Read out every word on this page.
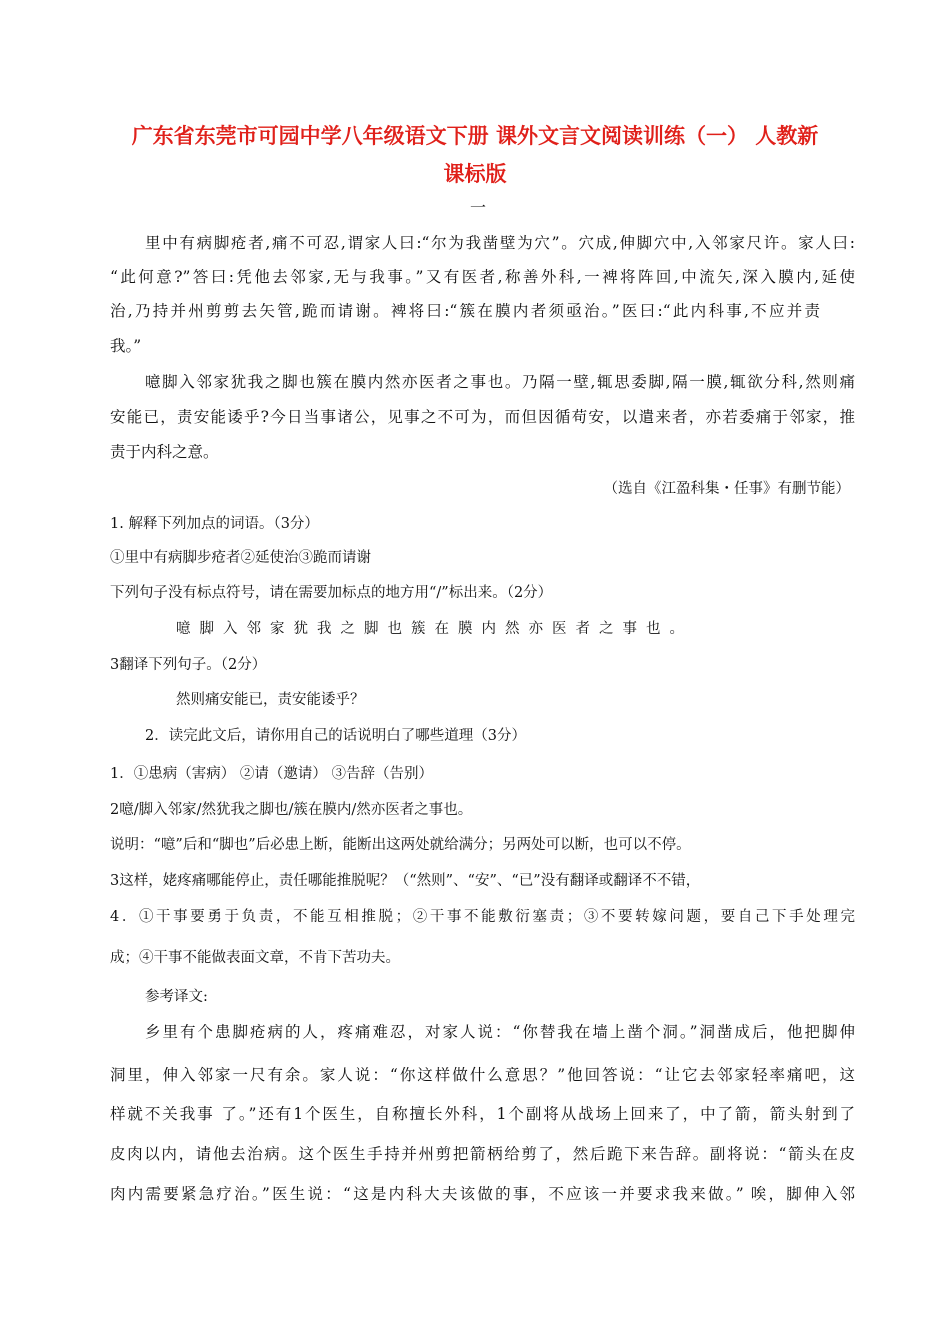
广东省东莞市可园中学八年级语文下册 课外文言文阅读训练（一） 人教新
课标版
一
里中有病脚疮者,痛不可忍,谓家人曰:“尔为我凿壁为穴”。穴成,伸脚穴中,入邻家尺许。家人曰:
“此何意?”答曰:凭他去邻家,无与我事。”又有医者,称善外科,一裨将阵回,中流矢,深入膜内,延使
治,乃持并州剪剪去矢管,跪而请谢。裨将曰:“簇在膜内者须亟治。”医曰:“此内科事,不应并责
我。”
噫脚入邻家犹我之脚也簇在膜内然亦医者之事也。乃隔一壁,辄思委脚,隔一膜,辄欲分科,然则痛
安能已，责安能诿乎?今日当事诸公，见事之不可为，而但因循苟安，以遣来者，亦若委痛于邻家，推
责于内科之意。
（选自《江盈科集・任事》有删节能）
1. 解释下列加点的词语。（3分）
①里中有病脚步疮者②延使治③跪而请谢
下列句子没有标点符号，请在需要加标点的地方用“/”标出来。（2分）
噫脚入邻家犹我之脚也簇在膜内然亦医者之事也。
3翻译下列句子。（2分）
然则痛安能已，责安能诿乎？
2．读完此文后，请你用自己的话说明白了哪些道理（3分）
1．①患病（害病） ②请（邀请） ③告辞（告别）
2噫/脚入邻家/然犹我之脚也/簇在膜内/然亦医者之事也。
说明：“噫”后和“脚也”后必患上断，能断出这两处就给满分；另两处可以断，也可以不停。
3这样，姥疼痛哪能停止，责任哪能推脱呢？（“然则”、“安”、“已”没有翻译或翻译不不错，
4．①干事要勇于负责，不能互相推脱；②干事不能敷衍塞责；③不要转嫁问题，要自己下手处理完
成；④干事不能做表面文章，不肯下苦功夫。
参考译文:
乡里有个患脚疮病的人，疼痛难忍，对家人说：“你替我在墙上凿个洞。”洞凿成后，他把脚伸
洞里，伸入邻家一尺有余。家人说：“你这样做什么意思？”他回答说：“让它去邻家轻率痛吧，这
样就不关我事 了。”还有1个医生，自称擅长外科，1个副将从战场上回来了，中了箭，箭头射到了
皮肉以内，请他去治病。这个医生手持并州剪把箭柄给剪了，然后跪下来告辞。副将说：“箭头在皮
肉内需要紧急疗治。”医生说：“这是内科大夫该做的事，不应该一并要求我来做。” 唉，脚伸入邻
